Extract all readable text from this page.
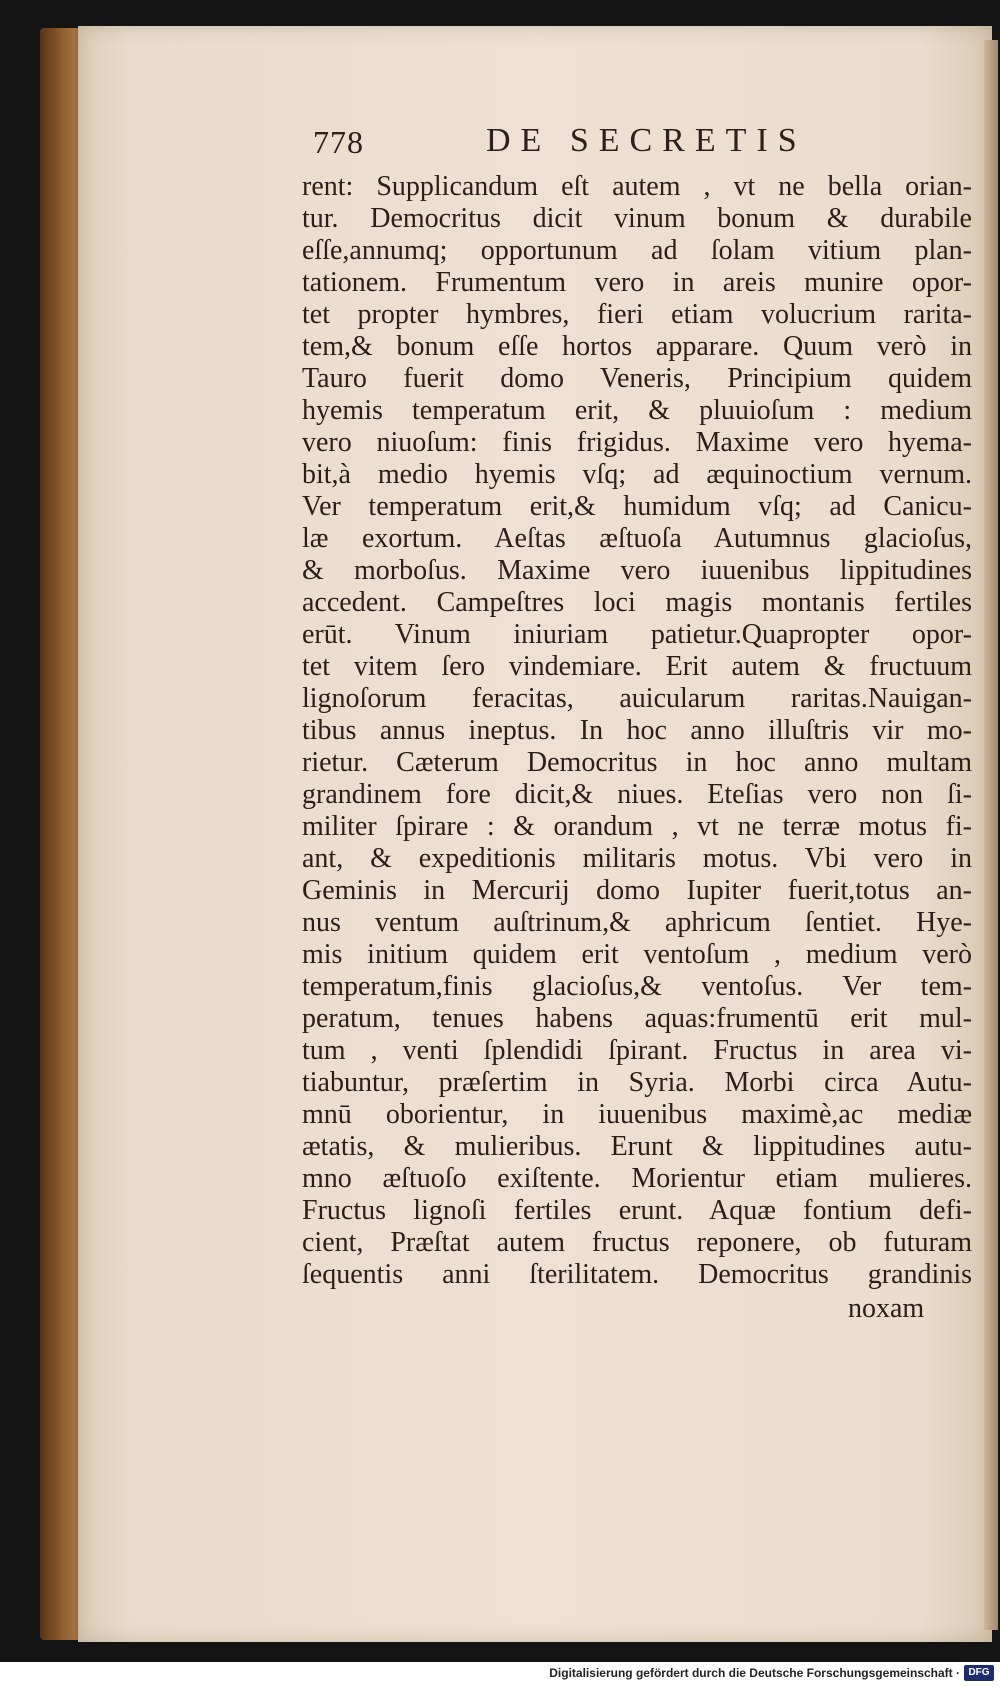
778	DE SECRETIS
rent: Supplicandum eſt autem , vt ne bella orian-
tur. Democritus dicit vinum bonum & durabile
eſſe,annumq; opportunum ad ſolam vitium plan-
tationem. Frumentum vero in areis munire opor-
tet propter hymbres, fieri etiam volucrium rarita-
tem,& bonum eſſe hortos apparare. Quum verò in
Tauro fuerit domo Veneris, Principium quidem
hyemis temperatum erit, & pluuioſum : medium
vero niuoſum: finis frigidus. Maxime vero hyema-
bit,à medio hyemis vſq; ad æquinoctium vernum.
Ver temperatum erit,& humidum vſq; ad Canicu-
læ exortum. Aeſtas æſtuoſa Autumnus glacioſus,
& morboſus. Maxime vero iuuenibus lippitudines
accedent. Campeſtres loci magis montanis fertiles
erūt. Vinum iniuriam patietur.Quapropter opor-
tet vitem ſero vindemiare. Erit autem & fructuum
lignoſorum feracitas, auicularum raritas.Nauigan-
tibus annus ineptus. In hoc anno illuſtris vir mo-
rietur. Cæterum Democritus in hoc anno multam
grandinem fore dicit,& niues. Eteſias vero non ſi-
militer ſpirare : & orandum , vt ne terræ motus fi-
ant, & expeditionis militaris motus. Vbi vero in
Geminis in Mercurij domo Iupiter fuerit,totus an-
nus ventum auſtrinum,& aphricum ſentiet. Hye-
mis initium quidem erit ventoſum , medium verò
temperatum,finis glacioſus,& ventoſus. Ver tem-
peratum, tenues habens aquas:frumentū erit mul-
tum , venti ſplendidi ſpirant. Fructus in area vi-
tiabuntur, præſertim in Syria. Morbi circa Autu-
mnū oborientur, in iuuenibus maximè,ac mediæ
ætatis, & mulieribus. Erunt & lippitudines autu-
mno æſtuoſo exiſtente. Morientur etiam mulieres.
Fructus lignoſi fertiles erunt. Aquæ fontium defi-
cient, Præſtat autem fructus reponere, ob futuram
ſequentis anni ſterilitatem. Democritus grandinis
noxam
Digitalisierung gefördert durch die Deutsche Forschungsgemeinschaft · DFG
